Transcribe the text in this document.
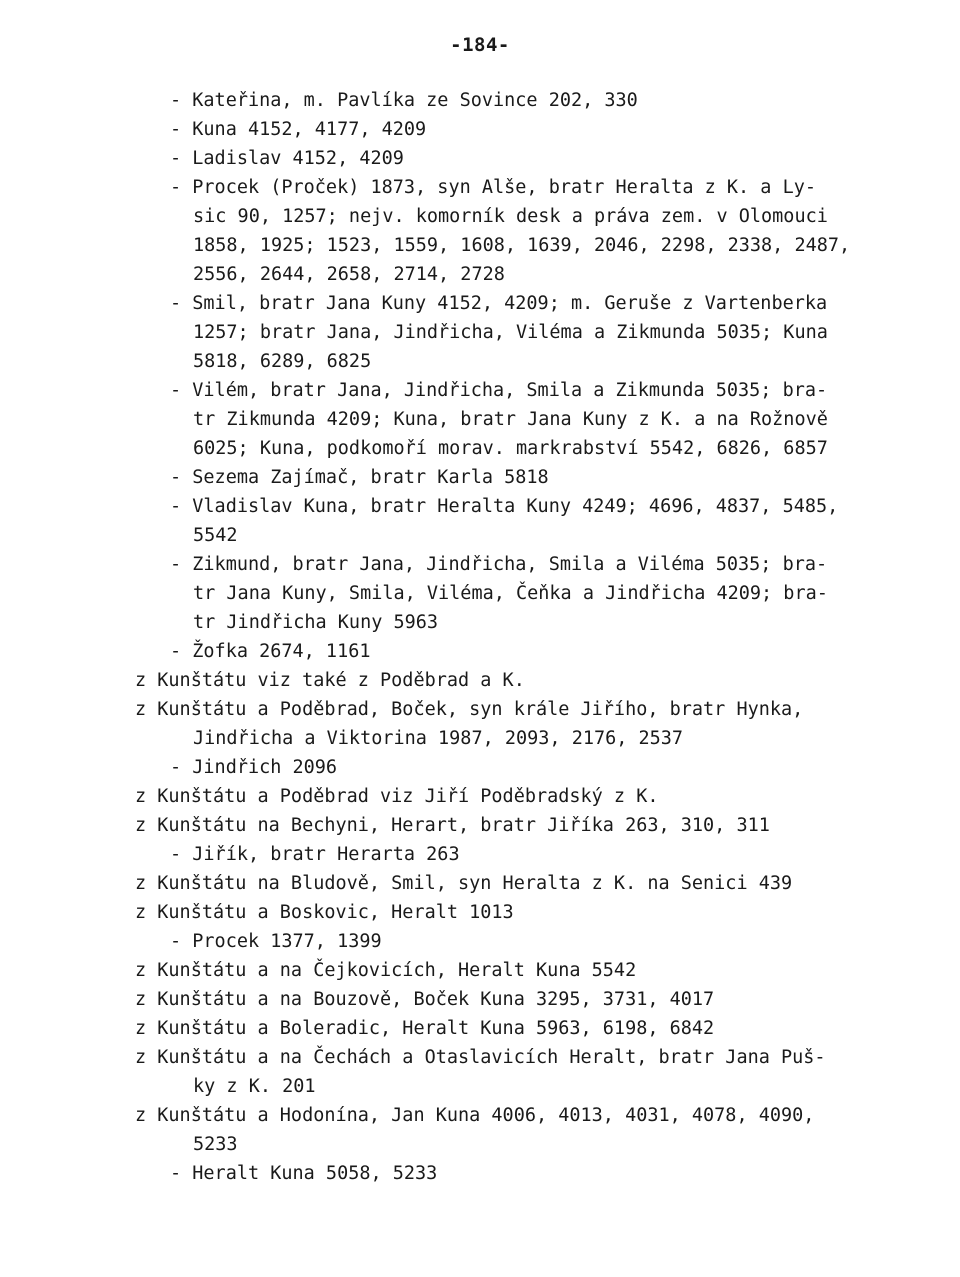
-184-
- Kateřina, m. Pavlíka ze Sovince 202, 330
- Kuna 4152, 4177, 4209
- Ladislav 4152, 4209
- Procek (Proček) 1873, syn Alše, bratr Heralta z K. a Ly-
sic 90, 1257; nejv. komorník desk a práva zem. v Olomouci
1858, 1925; 1523, 1559, 1608, 1639, 2046, 2298, 2338, 2487,
2556, 2644, 2658, 2714, 2728
- Smil, bratr Jana Kuny 4152, 4209; m. Geruše z Vartenberka
1257; bratr Jana, Jindřicha, Viléma a Zikmunda 5035; Kuna
5818, 6289, 6825
- Vilém, bratr Jana, Jindřicha, Smila a Zikmunda 5035; bra-
tr Zikmunda 4209; Kuna, bratr Jana Kuny z K. a na Rožnově
6025; Kuna, podkomoří morav. markrabství 5542, 6826, 6857
- Sezema Zajímač, bratr Karla 5818
- Vladislav Kuna, bratr Heralta Kuny 4249; 4696, 4837, 5485,
5542
- Zikmund, bratr Jana, Jindřicha, Smila a Viléma 5035; bra-
tr Jana Kuny, Smila, Viléma, Čeňka a Jindřicha 4209; bra-
tr Jindřicha Kuny 5963
- Žofka 2674, 1161
z Kunštátu viz také z Poděbrad a K.
z Kunštátu a Poděbrad, Boček, syn krále Jiřího, bratr Hynka,
Jindřicha a Viktorina 1987, 2093, 2176, 2537
- Jindřich 2096
z Kunštátu a Poděbrad viz Jiří Poděbradský z K.
z Kunštátu na Bechyni, Herart, bratr Jiříka 263, 310, 311
- Jiřík, bratr Herarta 263
z Kunštátu na Bludově, Smil, syn Heralta z K. na Senici 439
z Kunštátu a Boskovic, Heralt 1013
- Procek 1377, 1399
z Kunštátu a na Čejkovicích, Heralt Kuna 5542
z Kunštátu a na Bouzově, Boček Kuna 3295, 3731, 4017
z Kunštátu a Boleradic, Heralt Kuna 5963, 6198, 6842
z Kunštátu a na Čechách a Otaslavicích Heralt, bratr Jana Puš-
ky z K. 201
z Kunštátu a Hodonína, Jan Kuna 4006, 4013, 4031, 4078, 4090,
5233
- Heralt Kuna 5058, 5233
